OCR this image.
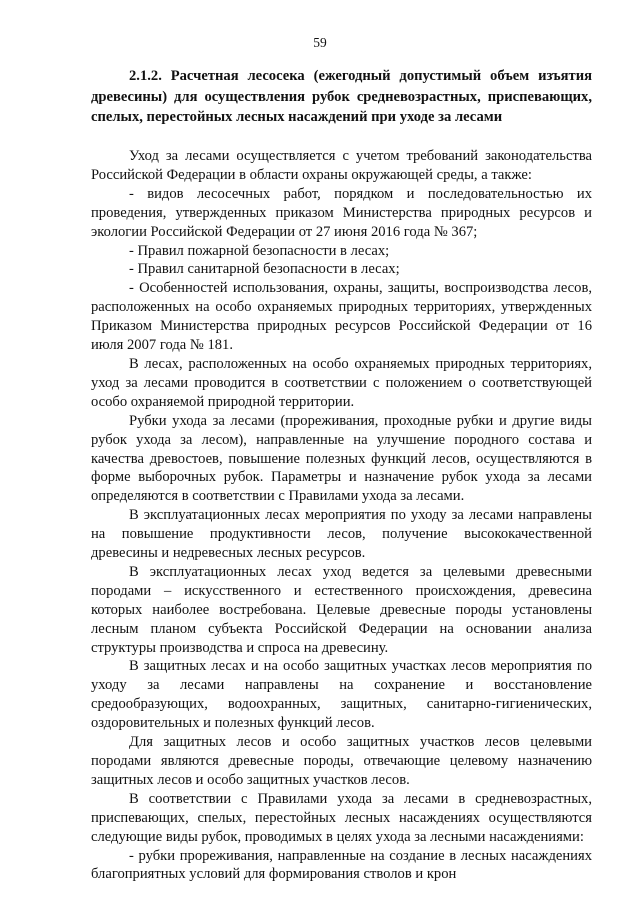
59

2.1.2. Расчетная лесосека (ежегодный допустимый объем изъятия древесины) для осуществления рубок средневозрастных, приспевающих, спелых, перестойных лесных насаждений при уходе за лесами

Уход за лесами осуществляется с учетом требований законодательства Российской Федерации в области охраны окружающей среды, а также:

- видов лесосечных работ, порядком и последовательностью их проведения, утвержденных приказом Министерства природных ресурсов и экологии Российской Федерации от 27 июня 2016 года № 367;

- Правил пожарной безопасности в лесах;

- Правил санитарной безопасности в лесах;

- Особенностей использования, охраны, защиты, воспроизводства лесов, расположенных на особо охраняемых природных территориях, утвержденных Приказом Министерства природных ресурсов Российской Федерации от 16 июля 2007 года № 181.

В лесах, расположенных на особо охраняемых природных территориях, уход за лесами проводится в соответствии с положением о соответствующей особо охраняемой природной территории.

Рубки ухода за лесами (прореживания, проходные рубки и другие виды рубок ухода за лесом), направленные на улучшение породного состава и качества древостоев, повышение полезных функций лесов, осуществляются в форме выборочных рубок. Параметры и назначение рубок ухода за лесами определяются в соответствии с Правилами ухода за лесами.

В эксплуатационных лесах мероприятия по уходу за лесами направлены на повышение продуктивности лесов, получение высококачественной древесины и недревесных лесных ресурсов.

В эксплуатационных лесах уход ведется за целевыми древесными породами – искусственного и естественного происхождения, древесина которых наиболее востребована. Целевые древесные породы установлены лесным планом субъекта Российской Федерации на основании анализа структуры производства и спроса на древесину.

В защитных лесах и на особо защитных участках лесов мероприятия по уходу за лесами направлены на сохранение и восстановление средообразующих, водоохранных, защитных, санитарно-гигиенических, оздоровительных и полезных функций лесов.

Для защитных лесов и особо защитных участков лесов целевыми породами являются древесные породы, отвечающие целевому назначению защитных лесов и особо защитных участков лесов.

В соответствии с Правилами ухода за лесами в средневозрастных, приспевающих, спелых, перестойных лесных насаждениях осуществляются следующие виды рубок, проводимых в целях ухода за лесными насаждениями:

- рубки прореживания, направленные на создание в лесных насаждениях благоприятных условий для формирования стволов и крон
